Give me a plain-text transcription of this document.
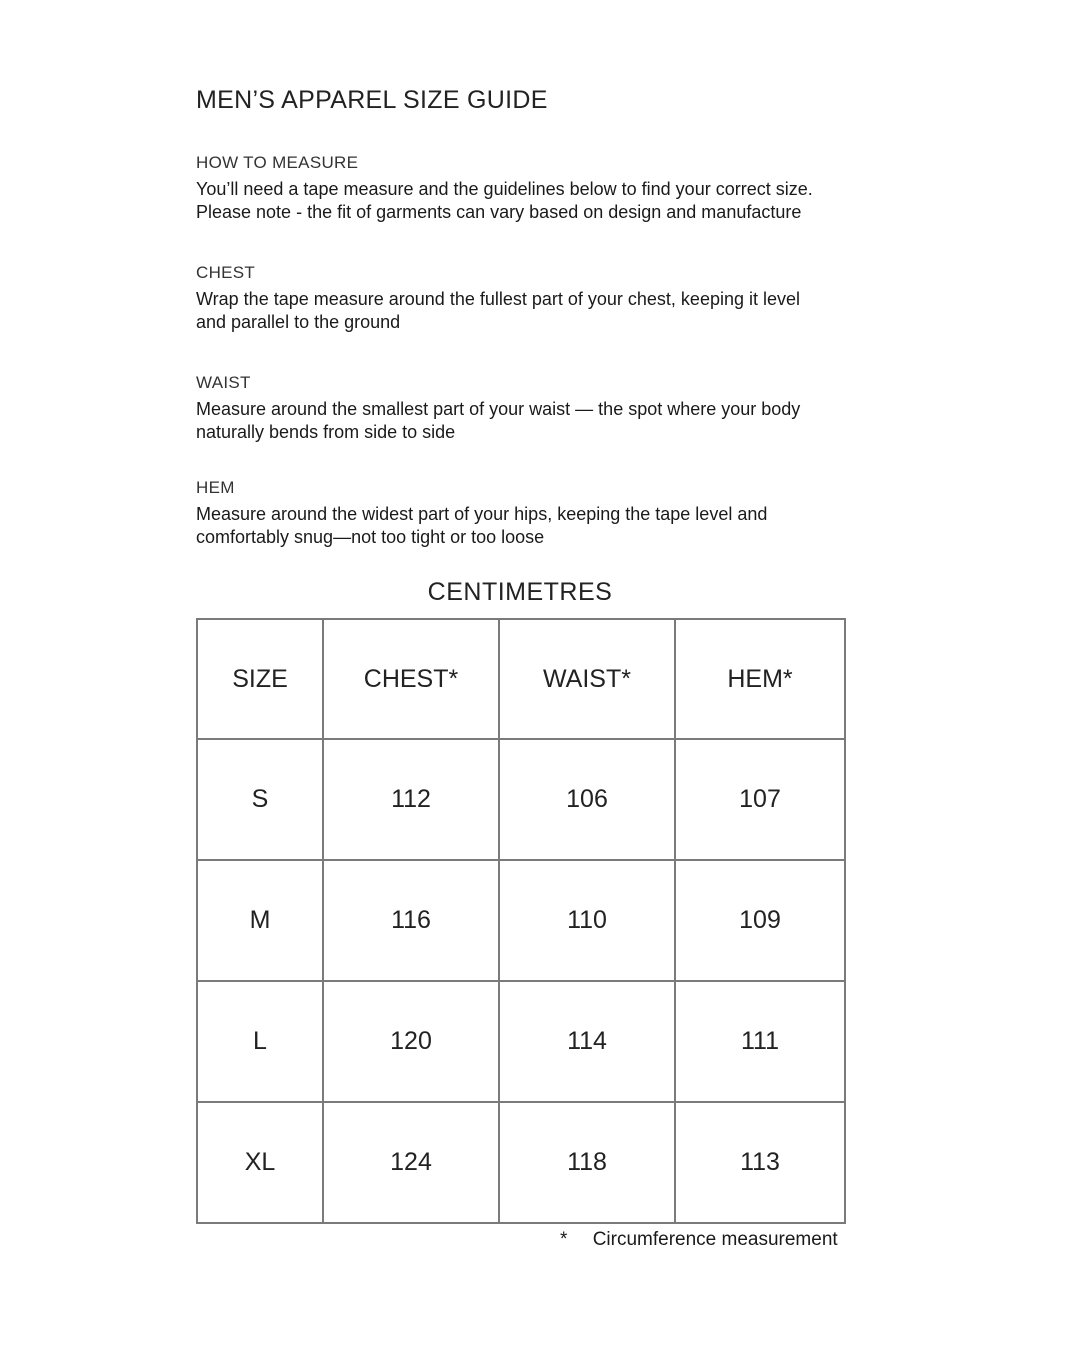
MEN’S APPAREL SIZE GUIDE
HOW TO MEASURE
You’ll need a tape measure and the guidelines below to find your correct size.
Please note - the fit of garments can vary based on design and manufacture
CHEST
Wrap the tape measure around the fullest part of your chest, keeping it level
and parallel to the ground
WAIST
Measure around the smallest part of your waist — the spot where your body
naturally bends from side to side
HEM
Measure around the widest part of your hips, keeping the tape level and
comfortably snug—not too tight or too loose
CENTIMETRES
SIZE	CHEST*	WAIST*	HEM*
S	112	106	107
M	116	110	109
L	120	114	111
XL	124	118	113
* Circumference measurement
